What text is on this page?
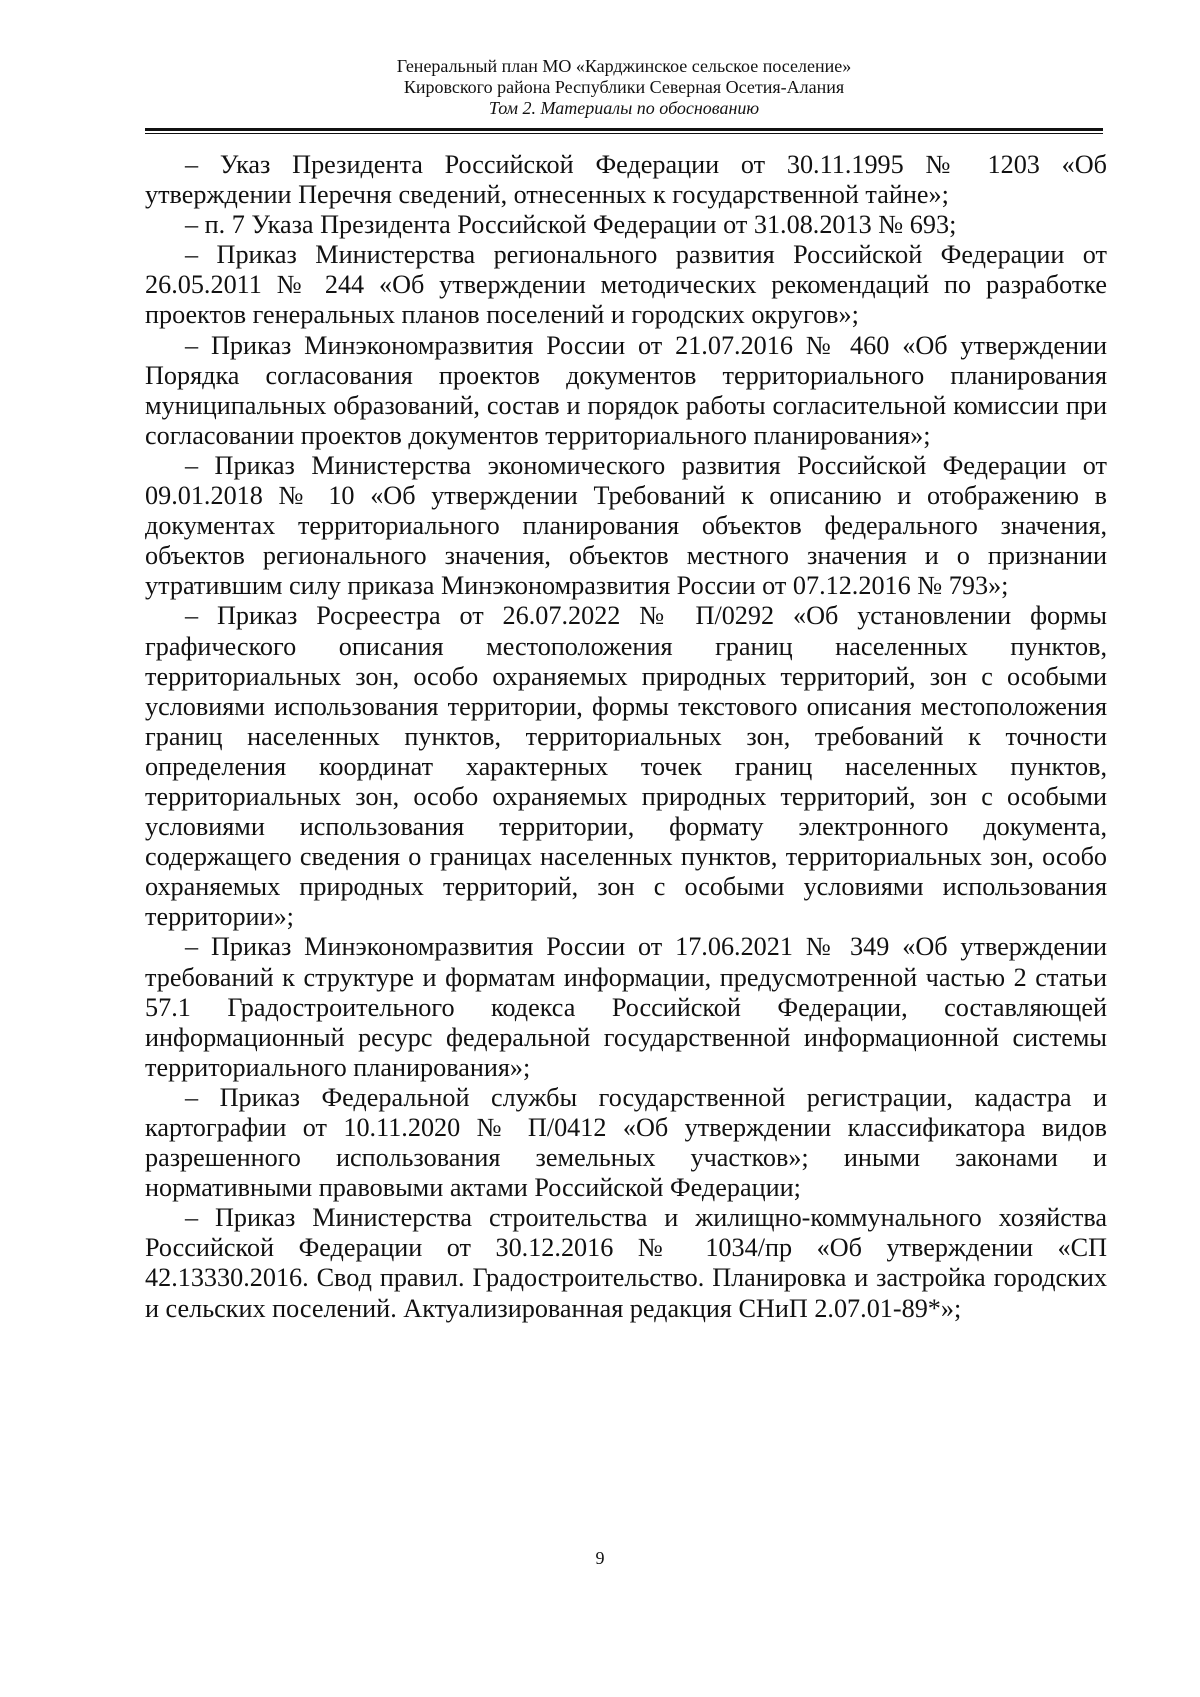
Генеральный план МО «Карджинское сельское поселение»
Кировского района Республики Северная Осетия-Алания
Том 2. Материалы по обоснованию

– Указ Президента Российской Федерации от 30.11.1995 № 1203 «Об утверждении Перечня сведений, отнесенных к государственной тайне»;

– п. 7 Указа Президента Российской Федерации от 31.08.2013 № 693;

– Приказ Министерства регионального развития Российской Федерации от 26.05.2011 № 244 «Об утверждении методических рекомендаций по разработке проектов генеральных планов поселений и городских округов»;

– Приказ Минэкономразвития России от 21.07.2016 № 460 «Об утверждении Порядка согласования проектов документов территориального планирования муниципальных образований, состав и порядок работы согласительной комиссии при согласовании проектов документов территориального планирования»;

– Приказ Министерства экономического развития Российской Федерации от 09.01.2018 № 10 «Об утверждении Требований к описанию и отображению в документах территориального планирования объектов федерального значения, объектов регионального значения, объектов местного значения и о признании утратившим силу приказа Минэкономразвития России от 07.12.2016 № 793»;

– Приказ Росреестра от 26.07.2022 № П/0292 «Об установлении формы графического описания местоположения границ населенных пунктов, территориальных зон, особо охраняемых природных территорий, зон с особыми условиями использования территории, формы текстового описания местоположения границ населенных пунктов, территориальных зон, требований к точности определения координат характерных точек границ населенных пунктов, территориальных зон, особо охраняемых природных территорий, зон с особыми условиями использования территории, формату электронного документа, содержащего сведения о границах населенных пунктов, территориальных зон, особо охраняемых природных территорий, зон с особыми условиями использования территории»;

– Приказ Минэкономразвития России от 17.06.2021 № 349 «Об утверждении требований к структуре и форматам информации, предусмотренной частью 2 статьи 57.1 Градостроительного кодекса Российской Федерации, составляющей информационный ресурс федеральной государственной информационной системы территориального планирования»;

– Приказ Федеральной службы государственной регистрации, кадастра и картографии от 10.11.2020 № П/0412 «Об утверждении классификатора видов разрешенного использования земельных участков»; иными законами и нормативными правовыми актами Российской Федерации;

– Приказ Министерства строительства и жилищно-коммунального хозяйства Российской Федерации от 30.12.2016 № 1034/пр «Об утверждении «СП 42.13330.2016. Свод правил. Градостроительство. Планировка и застройка городских и сельских поселений. Актуализированная редакция СНиП 2.07.01-89*»;

9
